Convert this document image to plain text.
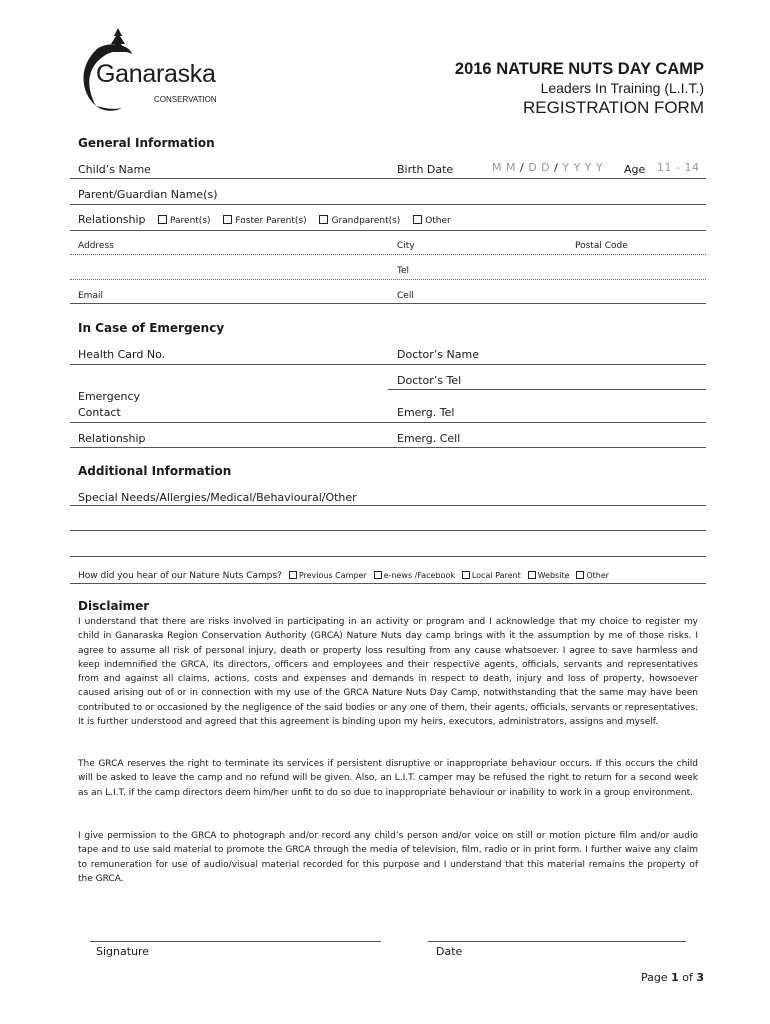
Ganaraska
CONSERVATION
2016 NATURE NUTS DAY CAMP
Leaders In Training (L.I.T.)
REGISTRATION FORM
General Information
Child’s Name	Birth Date	M M / D D / Y Y Y Y Age 11 - 14
Parent/Guardian Name(s)
Relationship	Parent(s)	Foster Parent(s)	Grandparent(s)	Other
Address	City	Postal Code
Tel
Email	Cell
In Case of Emergency
Health Card No.	Doctor’s Name
Doctor’s Tel
Emergency
Contact	Emerg. Tel
Relationship	Emerg. Cell
Additional Information
Special Needs/Allergies/Medical/Behavioural/Other
How did you hear of our Nature Nuts Camps? Previous Camper e-news /Facebook Local Parent Website Other
Disclaimer
I understand that there are risks involved in participating in an activity or program and I acknowledge that my choice to register my child in Ganaraska Region Conservation Authority (GRCA) Nature Nuts day camp brings with it the assumption by me of those risks. I agree to assume all risk of personal injury, death or property loss resulting from any cause whatsoever. I agree to save harmless and keep indemnified the GRCA, its directors, officers and employees and their respective agents, officials, servants and representatives from and against all claims, actions, costs and expenses and demands in respect to death, injury and loss of property, howsoever caused arising out of or in connection with my use of the GRCA Nature Nuts Day Camp, notwithstanding that the same may have been contributed to or occasioned by the negligence of the said bodies or any one of them, their agents, officials, servants or representatives. It is further understood and agreed that this agreement is binding upon my heirs, executors, administrators, assigns and myself.
The GRCA reserves the right to terminate its services if persistent disruptive or inappropriate behaviour occurs. If this occurs the child will be asked to leave the camp and no refund will be given. Also, an L.I.T. camper may be refused the right to return for a second week as an L.I.T. if the camp directors deem him/her unfit to do so due to inappropriate behaviour or inability to work in a group environment.
I give permission to the GRCA to photograph and/or record any child’s person and/or voice on still or motion picture film and/or audio tape and to use said material to promote the GRCA through the media of television, film, radio or in print form. I further waive any claim to remuneration for use of audio/visual material recorded for this purpose and I understand that this material remains the property of the GRCA.
Signature	Date
Page 1 of 3
